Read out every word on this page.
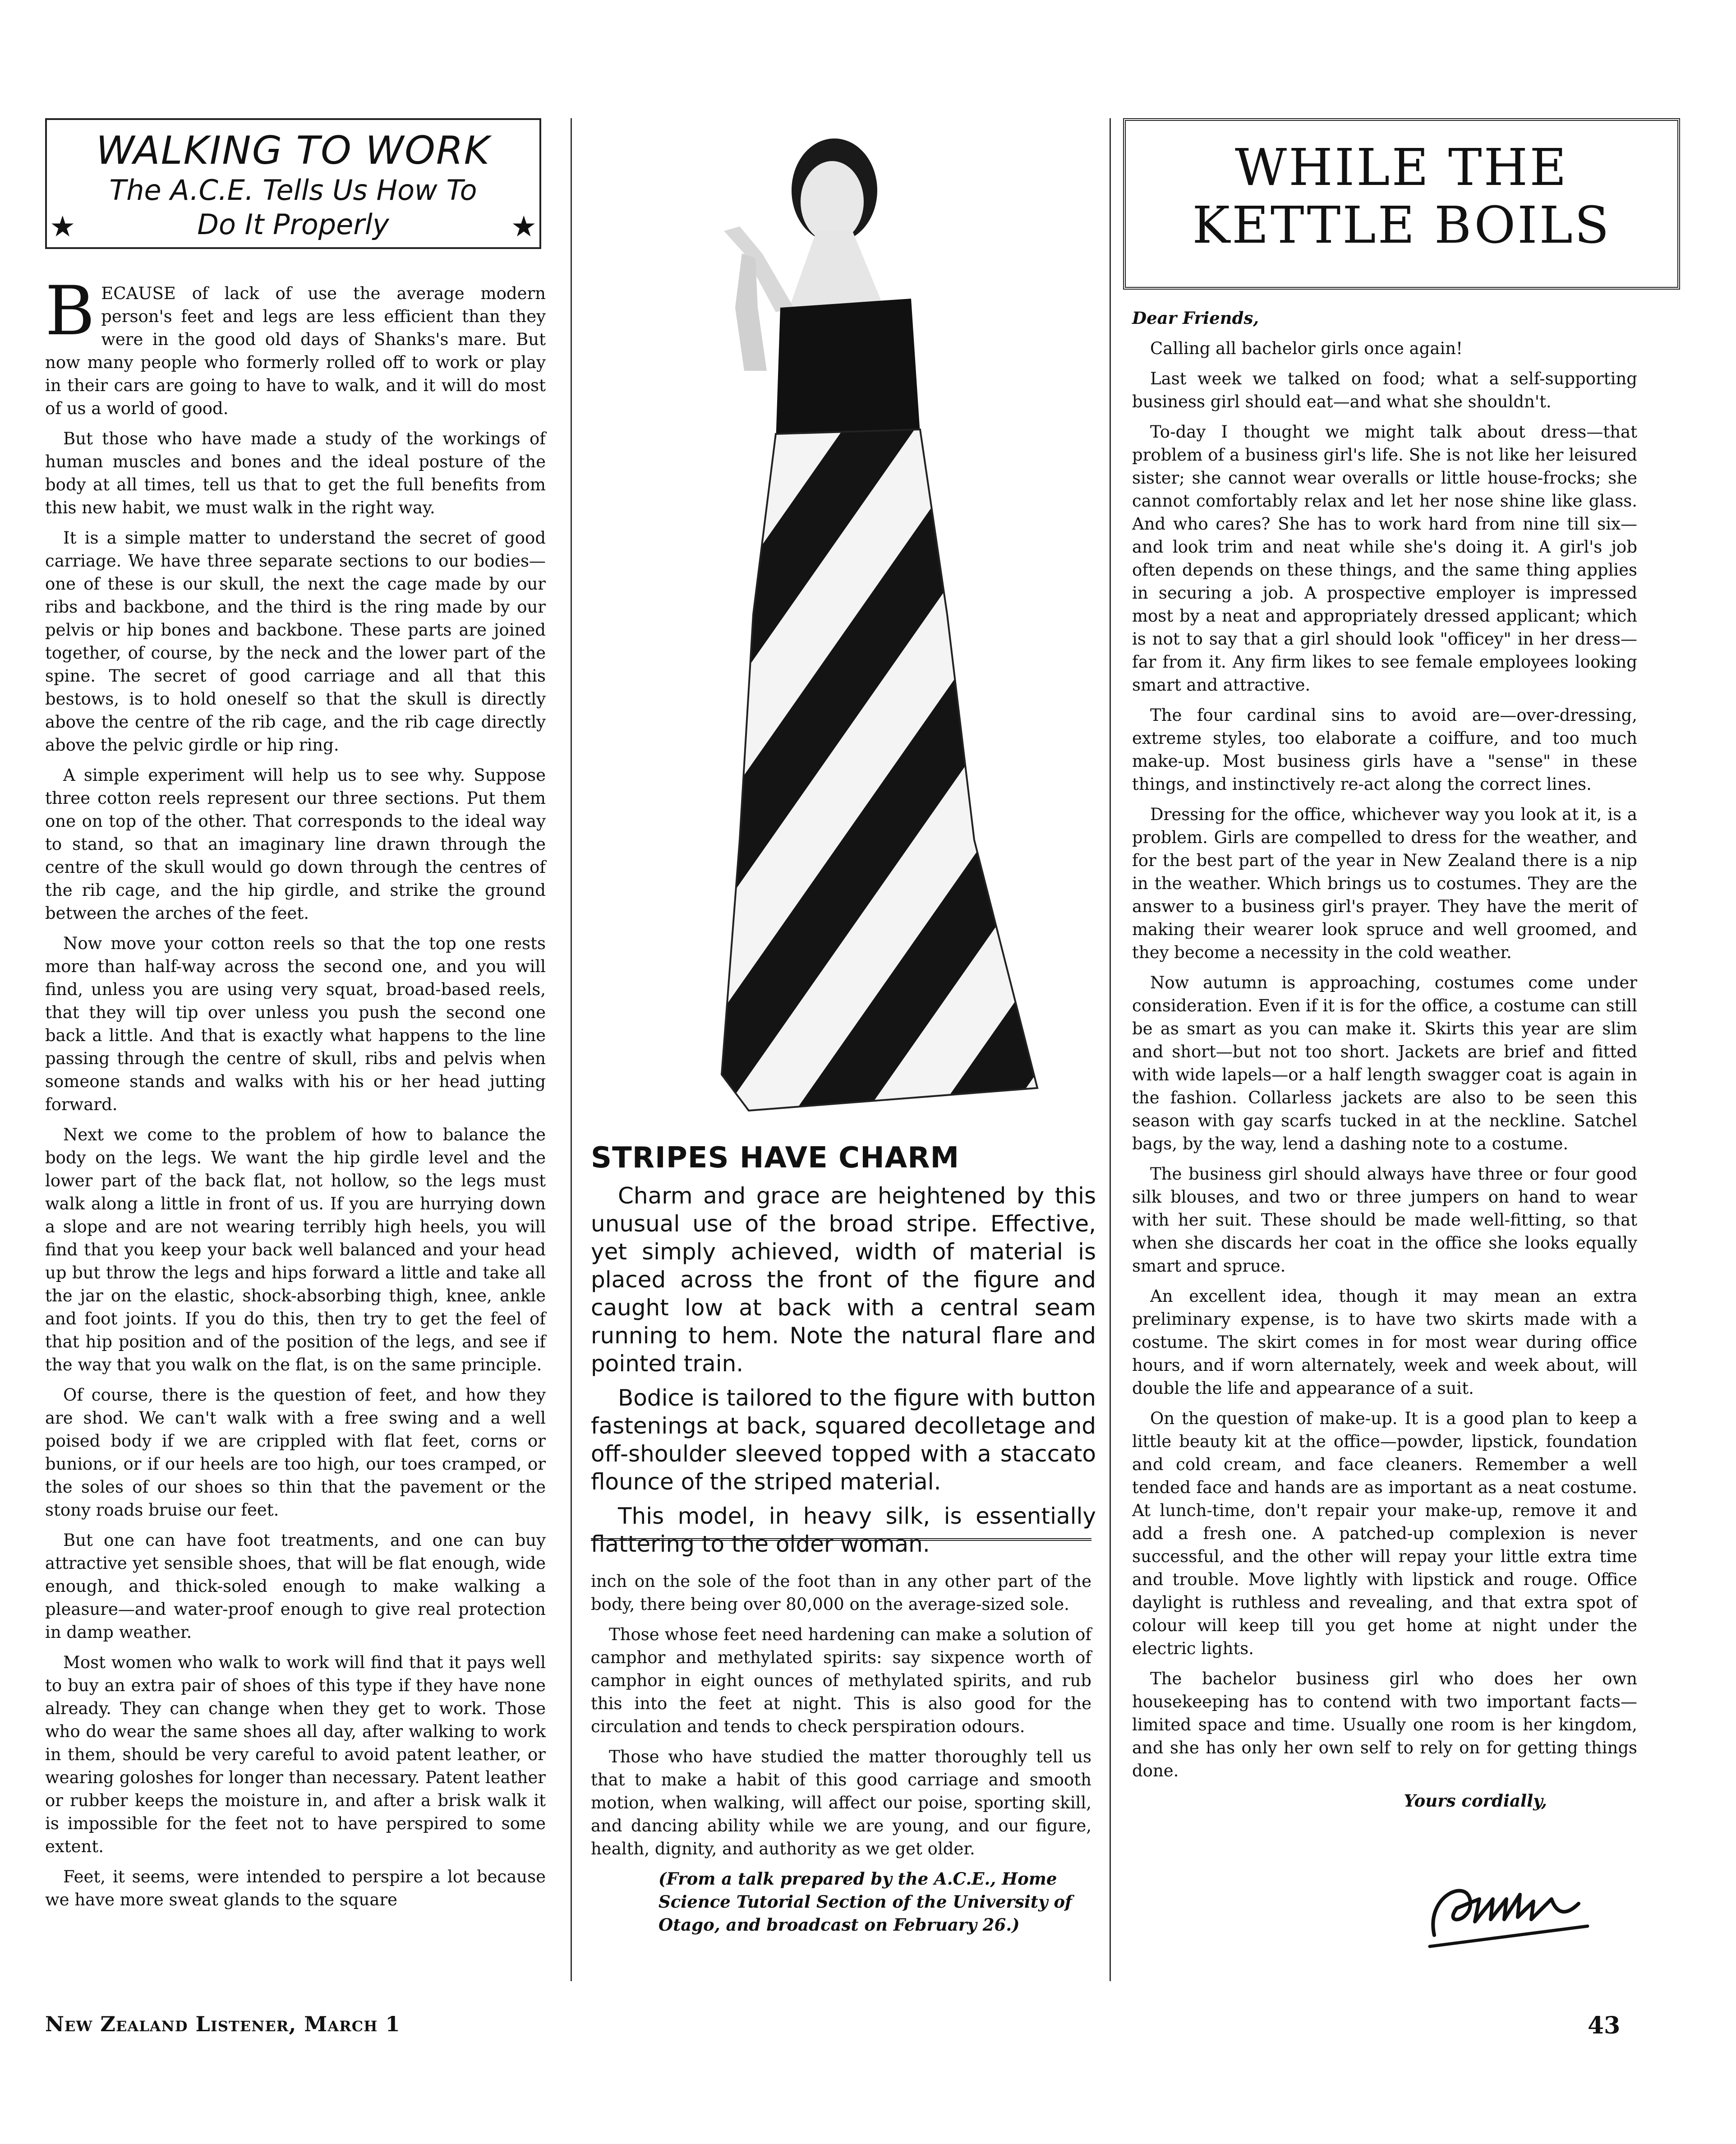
WALKING TO WORK
The A.C.E. Tells Us How To
Do It Properly
★	★

BECAUSE of lack of use the average modern person's feet and legs are less efficient than they were in the good old days of Shanks's mare. But now many people who formerly rolled off to work or play in their cars are going to have to walk, and it will do most of us a world of good.

But those who have made a study of the workings of human muscles and bones and the ideal posture of the body at all times, tell us that to get the full benefits from this new habit, we must walk in the right way.

It is a simple matter to understand the secret of good carriage. We have three separate sections to our bodies—one of these is our skull, the next the cage made by our ribs and backbone, and the third is the ring made by our pelvis or hip bones and backbone. These parts are joined together, of course, by the neck and the lower part of the spine. The secret of good carriage and all that this bestows, is to hold oneself so that the skull is directly above the centre of the rib cage, and the rib cage directly above the pelvic girdle or hip ring.

A simple experiment will help us to see why. Suppose three cotton reels represent our three sections. Put them one on top of the other. That corresponds to the ideal way to stand, so that an imaginary line drawn through the centre of the skull would go down through the centres of the rib cage, and the hip girdle, and strike the ground between the arches of the feet.

Now move your cotton reels so that the top one rests more than half-way across the second one, and you will find, unless you are using very squat, broad-based reels, that they will tip over unless you push the second one back a little. And that is exactly what happens to the line passing through the centre of skull, ribs and pelvis when someone stands and walks with his or her head jutting forward.

Next we come to the problem of how to balance the body on the legs. We want the hip girdle level and the lower part of the back flat, not hollow, so the legs must walk along a little in front of us. If you are hurrying down a slope and are not wearing terribly high heels, you will find that you keep your back well balanced and your head up but throw the legs and hips forward a little and take all the jar on the elastic, shock-absorbing thigh, knee, ankle and foot joints. If you do this, then try to get the feel of that hip position and of the position of the legs, and see if the way that you walk on the flat, is on the same principle.

Of course, there is the question of feet, and how they are shod. We can't walk with a free swing and a well poised body if we are crippled with flat feet, corns or bunions, or if our heels are too high, our toes cramped, or the soles of our shoes so thin that the pavement or the stony roads bruise our feet.

But one can have foot treatments, and one can buy attractive yet sensible shoes, that will be flat enough, wide enough, and thick-soled enough to make walking a pleasure—and water-proof enough to give real protection in damp weather.

Most women who walk to work will find that it pays well to buy an extra pair of shoes of this type if they have none already. They can change when they get to work. Those who do wear the same shoes all day, after walking to work in them, should be very careful to avoid patent leather, or wearing goloshes for longer than necessary. Patent leather or rubber keeps the moisture in, and after a brisk walk it is impossible for the feet not to have perspired to some extent.

Feet, it seems, were intended to perspire a lot because we have more sweat glands to the square

STRIPES HAVE CHARM

Charm and grace are heightened by this unusual use of the broad stripe. Effective, yet simply achieved, width of material is placed across the front of the figure and caught low at back with a central seam running to hem. Note the natural flare and pointed train.

Bodice is tailored to the figure with button fastenings at back, squared decolletage and off-shoulder sleeved topped with a staccato flounce of the striped material.

This model, in heavy silk, is essentially flattering to the older woman.

inch on the sole of the foot than in any other part of the body, there being over 80,000 on the average-sized sole.

Those whose feet need hardening can make a solution of camphor and methylated spirits: say sixpence worth of camphor in eight ounces of methylated spirits, and rub this into the feet at night. This is also good for the circulation and tends to check perspiration odours.

Those who have studied the matter thoroughly tell us that to make a habit of this good carriage and smooth motion, when walking, will affect our poise, sporting skill, and dancing ability while we are young, and our figure, health, dignity, and authority as we get older.

(From a talk prepared by the A.C.E., Home Science Tutorial Section of the University of Otago, and broadcast on February 26.)

WHILE THE
KETTLE BOILS

Dear Friends,

Calling all bachelor girls once again!

Last week we talked on food; what a self-supporting business girl should eat—and what she shouldn't.

To-day I thought we might talk about dress—that problem of a business girl's life. She is not like her leisured sister; she cannot wear overalls or little house-frocks; she cannot comfortably relax and let her nose shine like glass. And who cares? She has to work hard from nine till six—and look trim and neat while she's doing it. A girl's job often depends on these things, and the same thing applies in securing a job. A prospective employer is impressed most by a neat and appropriately dressed applicant; which is not to say that a girl should look "officey" in her dress—far from it. Any firm likes to see female employees looking smart and attractive.

The four cardinal sins to avoid are—over-dressing, extreme styles, too elaborate a coiffure, and too much make-up. Most business girls have a "sense" in these things, and instinctively re-act along the correct lines.

Dressing for the office, whichever way you look at it, is a problem. Girls are compelled to dress for the weather, and for the best part of the year in New Zealand there is a nip in the weather. Which brings us to costumes. They are the answer to a business girl's prayer. They have the merit of making their wearer look spruce and well groomed, and they become a necessity in the cold weather.

Now autumn is approaching, costumes come under consideration. Even if it is for the office, a costume can still be as smart as you can make it. Skirts this year are slim and short—but not too short. Jackets are brief and fitted with wide lapels—or a half length swagger coat is again in the fashion. Collarless jackets are also to be seen this season with gay scarfs tucked in at the neckline. Satchel bags, by the way, lend a dashing note to a costume.

The business girl should always have three or four good silk blouses, and two or three jumpers on hand to wear with her suit. These should be made well-fitting, so that when she discards her coat in the office she looks equally smart and spruce.

An excellent idea, though it may mean an extra preliminary expense, is to have two skirts made with a costume. The skirt comes in for most wear during office hours, and if worn alternately, week and week about, will double the life and appearance of a suit.

On the question of make-up. It is a good plan to keep a little beauty kit at the office—powder, lipstick, foundation and cold cream, and face cleaners. Remember a well tended face and hands are as important as a neat costume. At lunch-time, don't repair your make-up, remove it and add a fresh one. A patched-up complexion is never successful, and the other will repay your little extra time and trouble. Move lightly with lipstick and rouge. Office daylight is ruthless and revealing, and that extra spot of colour will keep till you get home at night under the electric lights.

The bachelor business girl who does her own housekeeping has to contend with two important facts—limited space and time. Usually one room is her kingdom, and she has only her own self to rely on for getting things done.

Yours cordially,

New Zealand Listener, March 1	43
